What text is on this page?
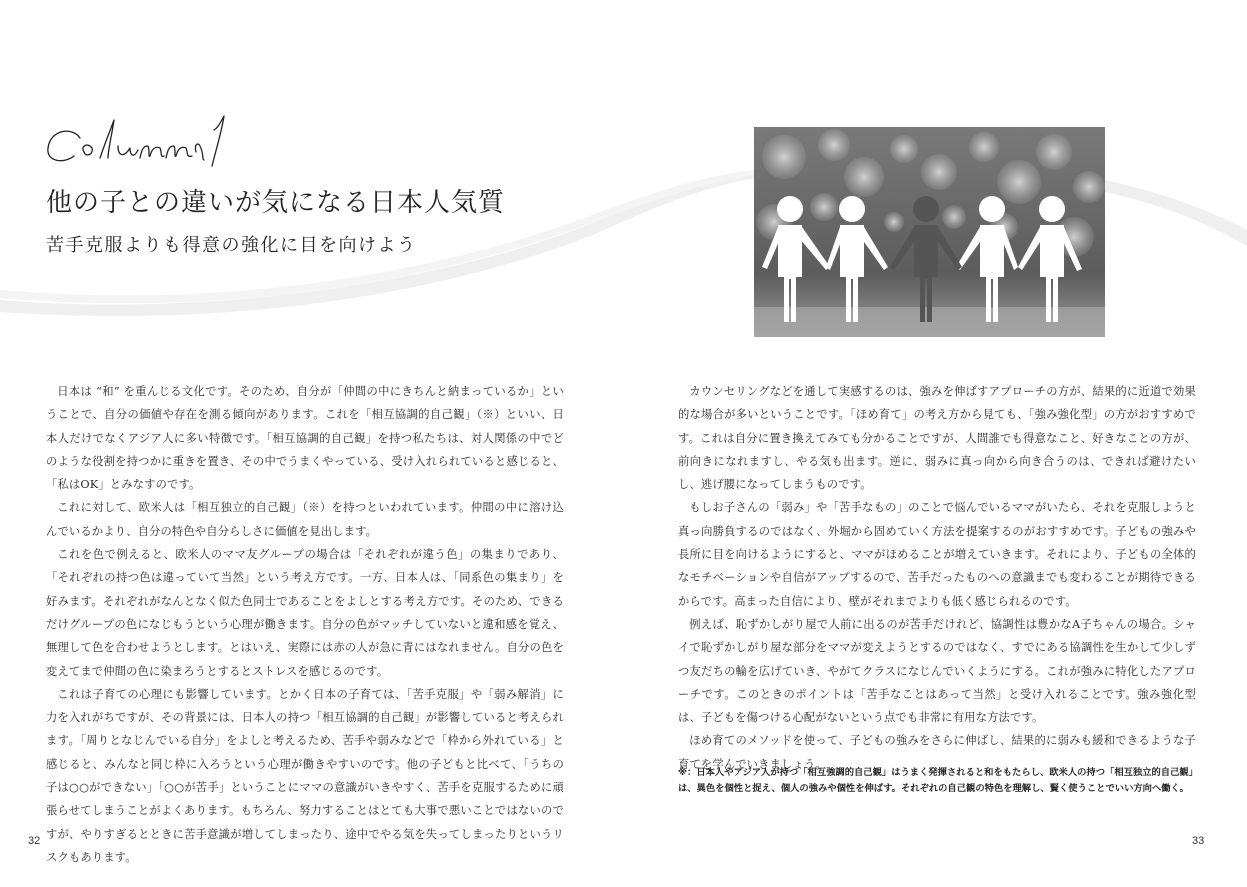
他の子との違いが気になる日本人気質
苦手克服よりも得意の強化に目を向けよう

日本は “和” を重んじる文化です。そのため、自分が「仲間の中にきちんと納まっているか」ということで、自分の価値や存在を測る傾向があります。これを「相互協調的自己観」（※）といい、日本人だけでなくアジア人に多い特徴です。「相互協調的自己観」を持つ私たちは、対人関係の中でどのような役割を持つかに重きを置き、その中でうまくやっている、受け入れられていると感じると、「私はOK」とみなすのです。

これに対して、欧米人は「相互独立的自己観」（※）を持つといわれています。仲間の中に溶け込んでいるかより、自分の特色や自分らしさに価値を見出します。

これを色で例えると、欧米人のママ友グループの場合は「それぞれが違う色」の集まりであり、「それぞれの持つ色は違っていて当然」という考え方です。一方、日本人は、「同系色の集まり」を好みます。それぞれがなんとなく似た色同士であることをよしとする考え方です。そのため、できるだけグループの色になじもうという心理が働きます。自分の色がマッチしていないと違和感を覚え、無理して色を合わせようとします。とはいえ、実際には赤の人が急に青にはなれません。自分の色を変えてまで仲間の色に染まろうとするとストレスを感じるのです。

これは子育ての心理にも影響しています。とかく日本の子育ては、「苦手克服」や「弱み解消」に力を入れがちですが、その背景には、日本人の持つ「相互協調的自己観」が影響していると考えられます。「周りとなじんでいる自分」をよしと考えるため、苦手や弱みなどで「枠から外れている」と感じると、みんなと同じ枠に入ろうという心理が働きやすいのです。他の子どもと比べて、「うちの子は○○ができない」「○○が苦手」ということにママの意識がいきやすく、苦手を克服するために頑張らせてしまうことがよくあります。もちろん、努力することはとても大事で悪いことではないのですが、やりすぎるとときに苦手意識が増してしまったり、途中でやる気を失ってしまったりというリスクもあります。

カウンセリングなどを通して実感するのは、強みを伸ばすアプローチの方が、結果的に近道で効果的な場合が多いということです。「ほめ育て」の考え方から見ても、「強み強化型」の方がおすすめです。これは自分に置き換えてみても分かることですが、人間誰でも得意なこと、好きなことの方が、前向きになれますし、やる気も出ます。逆に、弱みに真っ向から向き合うのは、できれば避けたいし、逃げ腰になってしまうものです。

もしお子さんの「弱み」や「苦手なもの」のことで悩んでいるママがいたら、それを克服しようと真っ向勝負するのではなく、外堀から固めていく方法を提案するのがおすすめです。子どもの強みや長所に目を向けるようにすると、ママがほめることが増えていきます。それにより、子どもの全体的なモチベーションや自信がアップするので、苦手だったものへの意識までも変わることが期待できるからです。高まった自信により、壁がそれまでよりも低く感じられるのです。

例えば、恥ずかしがり屋で人前に出るのが苦手だけれど、協調性は豊かなA子ちゃんの場合。シャイで恥ずかしがり屋な部分をママが変えようとするのではなく、すでにある協調性を生かして少しずつ友だちの輪を広げていき、やがてクラスになじんでいくようにする。これが強みに特化したアプローチです。このときのポイントは「苦手なことはあって当然」と受け入れることです。強み強化型は、子どもを傷つける心配がないという点でも非常に有用な方法です。

ほめ育てのメソッドを使って、子どもの強みをさらに伸ばし、結果的に弱みも緩和できるような子育てを学んでいきましょう。

※：日本人やアジア人が持つ「相互強調的自己観」はうまく発揮されると和をもたらし、欧米人の持つ「相互独立的自己観」
は、異色を個性と捉え、個人の強みや個性を伸ばす。それぞれの自己観の特色を理解し、賢く使うことでいい方向へ働く。
32	33
